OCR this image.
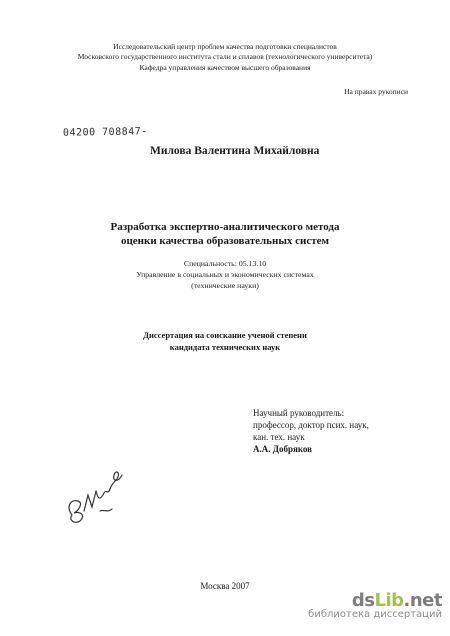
Исследовательский центр проблем качества подготовки специалистов
Московского государственного института стали и сплавов (технологического университета)
Кафедра управления качеством высшего образования
На правах рукописи
04200 708847-
Милова Валентина Михайловна
Разработка экспертно-аналитического метода
оценки качества образовательных систем
Специальность: 05.13.10
Управление в социальных и экономических системах
(технические науки)
Диссертация на соискание ученой степени
кандидата технических наук
Научный руководитель:
профессор, доктор псих. наук,
кан. тех. наук
А.А. Добряков
Москва 2007
dsLib.net
библиотека диссертаций
